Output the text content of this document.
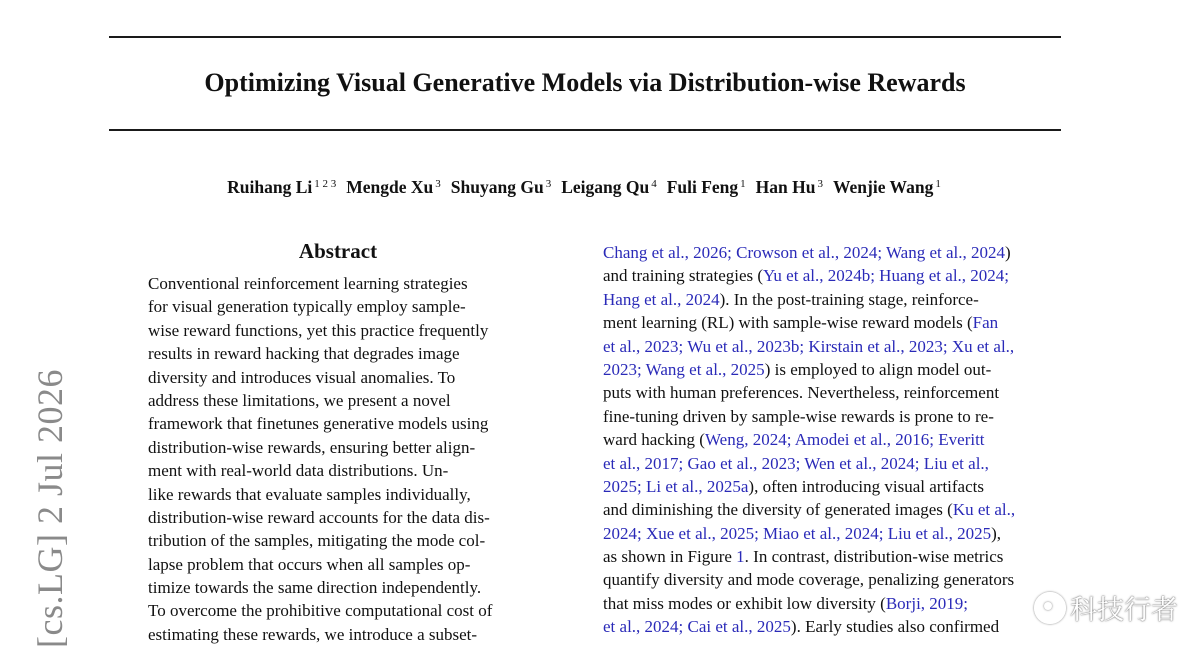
Optimizing Visual Generative Models via Distribution-wise Rewards
Ruihang Li $^{1 2 3}$ Mengde Xu $^3$ Shuyang Gu $^3$ Leigang Qu $^4$ Fuli Feng $^1$ Han Hu $^3$ Wenjie Wang $^1$
[cs.LG] 2 Jul 2026
Abstract
Conventional reinforcement learning strategies
for visual generation typically employ sample-
wise reward functions, yet this practice frequently
results in reward hacking that degrades image
diversity and introduces visual anomalies. To
address these limitations, we present a novel
framework that finetunes generative models using
distribution-wise rewards, ensuring better align-
ment with real-world data distributions. Un-
like rewards that evaluate samples individually,
distribution-wise reward accounts for the data dis-
tribution of the samples, mitigating the mode col-
lapse problem that occurs when all samples op-
timize towards the same direction independently.
To overcome the prohibitive computational cost of
estimating these rewards, we introduce a subset-
Chang et al., 2026; Crowson et al., 2024; Wang et al., 2024)
and training strategies (Yu et al., 2024b; Huang et al., 2024;
Hang et al., 2024). In the post-training stage, reinforce-
ment learning (RL) with sample-wise reward models (Fan
et al., 2023; Wu et al., 2023b; Kirstain et al., 2023; Xu et al.,
2023; Wang et al., 2025) is employed to align model out-
puts with human preferences. Nevertheless, reinforcement
fine-tuning driven by sample-wise rewards is prone to re-
ward hacking (Weng, 2024; Amodei et al., 2016; Everitt
et al., 2017; Gao et al., 2023; Wen et al., 2024; Liu et al.,
2025; Li et al., 2025a), often introducing visual artifacts
and diminishing the diversity of generated images (Ku et al.,
2024; Xue et al., 2025; Miao et al., 2024; Liu et al., 2025),
as shown in Figure 1. In contrast, distribution-wise metrics
quantify diversity and mode coverage, penalizing generators
that miss modes or exhibit low diversity (Borji, 2019;
et al., 2024; Cai et al., 2025). Early studies also confirmed
科技行者
